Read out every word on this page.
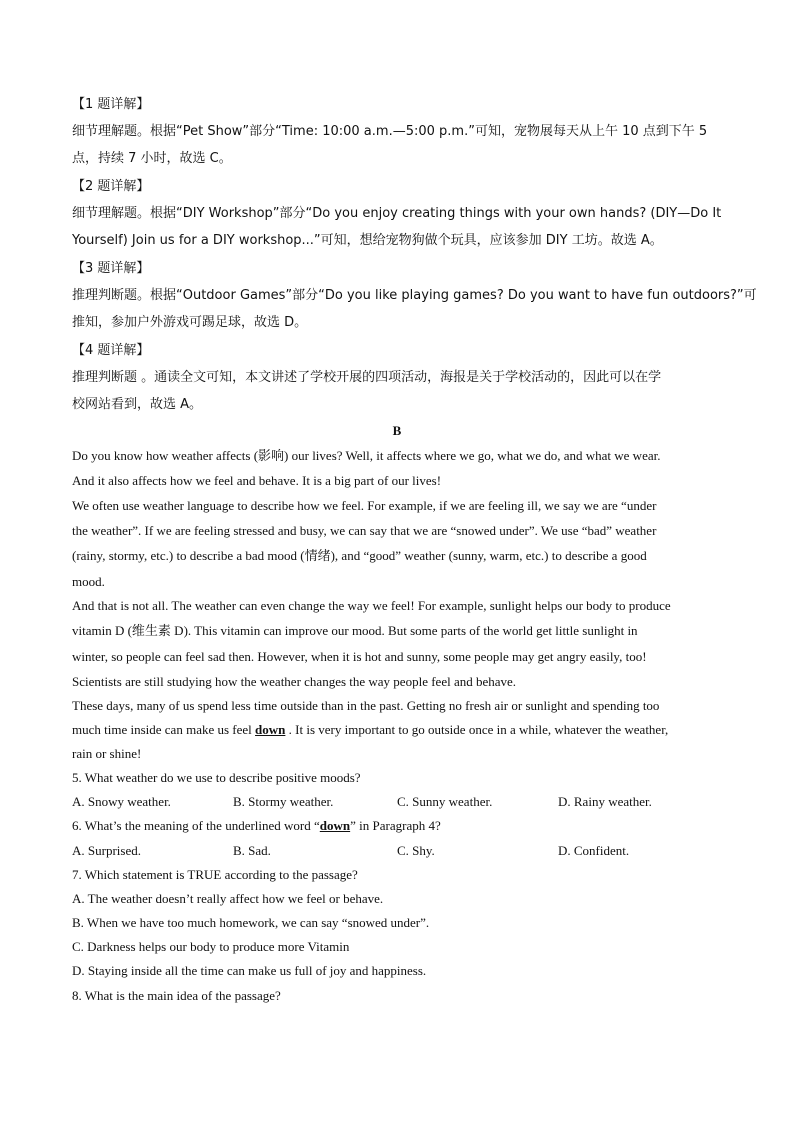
【1 题详解】
细节理解题。根据“Pet Show”部分“Time: 10:00 a.m.—5:00 p.m.”可知，宠物展每天从上午 10 点到下午 5
点，持续 7 小时，故选 C。
【2 题详解】
细节理解题。根据“DIY Workshop”部分“Do you enjoy creating things with your own hands? (DIY—Do It
Yourself) Join us for a DIY workshop...”可知，想给宠物狗做个玩具，应该参加 DIY 工坊。故选 A。
【3 题详解】
推理判断题。根据“Outdoor Games”部分“Do you like playing games? Do you want to have fun outdoors?”可
推知，参加户外游戏可踢足球，故选 D。
【4 题详解】
推理判断题 。通读全文可知，本文讲述了学校开展的四项活动，海报是关于学校活动的，因此可以在学
校网站看到，故选 A。
B
Do you know how weather affects (影响) our lives? Well, it affects where we go, what we do, and what we wear.
And it also affects how we feel and behave. It is a big part of our lives!
We often use weather language to describe how we feel. For example, if we are feeling ill, we say we are “under
the weather”. If we are feeling stressed and busy, we can say that we are “snowed under”. We use “bad” weather
(rainy, stormy, etc.) to describe a bad mood (情绪), and “good” weather (sunny, warm, etc.) to describe a good
mood.
And that is not all. The weather can even change the way we feel! For example, sunlight helps our body to produce
vitamin D (维生素 D). This vitamin can improve our mood. But some parts of the world get little sunlight in
winter, so people can feel sad then. However, when it is hot and sunny, some people may get angry easily, too!
Scientists are still studying how the weather changes the way people feel and behave.
These days, many of us spend less time outside than in the past. Getting no fresh air or sunlight and spending too
much time inside can make us feel down . It is very important to go outside once in a while, whatever the weather,
rain or shine!
5. What weather do we use to describe positive moods?
A. Snowy weather.	B. Stormy weather.	C. Sunny weather.	D. Rainy weather.
6. What’s the meaning of the underlined word “down” in Paragraph 4?
A. Surprised.	B. Sad.	C. Shy.	D. Confident.
7. Which statement is TRUE according to the passage?
A. The weather doesn’t really affect how we feel or behave.
B. When we have too much homework, we can say “snowed under”.
C. Darkness helps our body to produce more Vitamin
D. Staying inside all the time can make us full of joy and happiness.
8. What is the main idea of the passage?
